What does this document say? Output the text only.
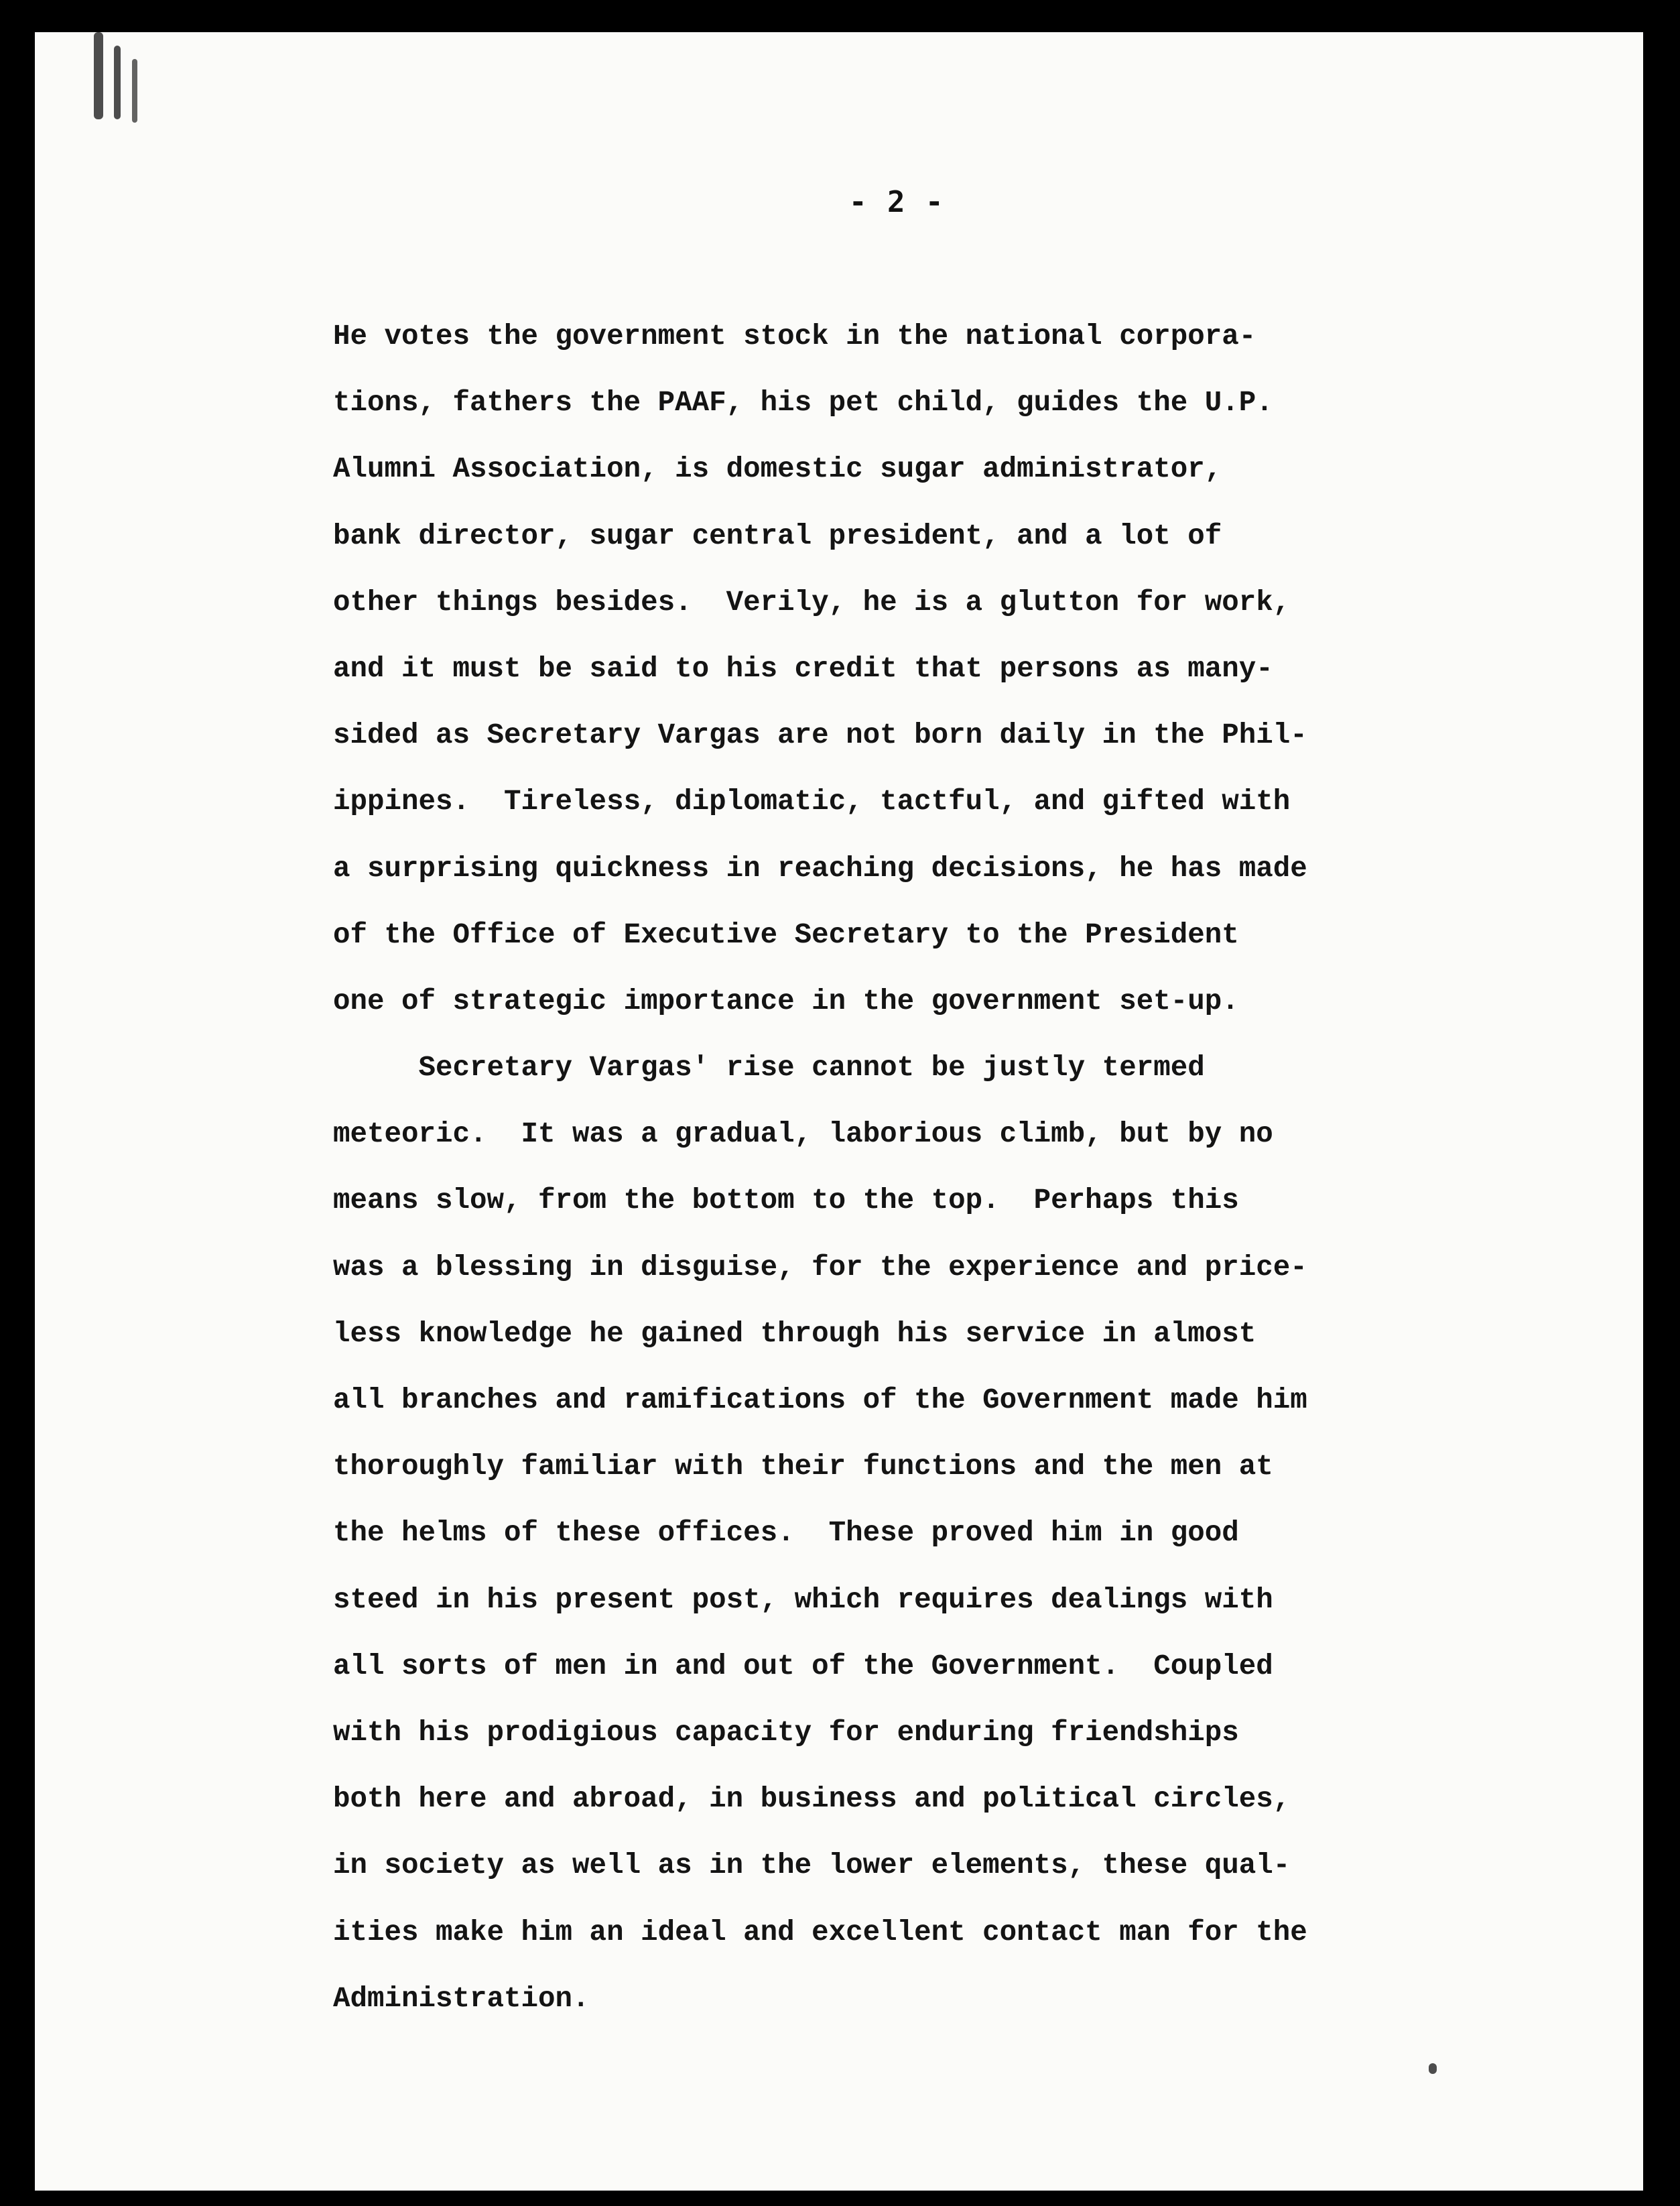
- 2 -
He votes the government stock in the national corpora-
tions, fathers the PAAF, his pet child, guides the U.P.
Alumni Association, is domestic sugar administrator,
bank director, sugar central president, and a lot of
other things besides.  Verily, he is a glutton for work,
and it must be said to his credit that persons as many-
sided as Secretary Vargas are not born daily in the Phil-
ippines.  Tireless, diplomatic, tactful, and gifted with
a surprising quickness in reaching decisions, he has made
of the Office of Executive Secretary to the President
one of strategic importance in the government set-up.
Secretary Vargas' rise cannot be justly termed
meteoric.  It was a gradual, laborious climb, but by no
means slow, from the bottom to the top.  Perhaps this
was a blessing in disguise, for the experience and price-
less knowledge he gained through his service in almost
all branches and ramifications of the Government made him
thoroughly familiar with their functions and the men at
the helms of these offices.  These proved him in good
steed in his present post, which requires dealings with
all sorts of men in and out of the Government.  Coupled
with his prodigious capacity for enduring friendships
both here and abroad, in business and political circles,
in society as well as in the lower elements, these qual-
ities make him an ideal and excellent contact man for the
Administration.
